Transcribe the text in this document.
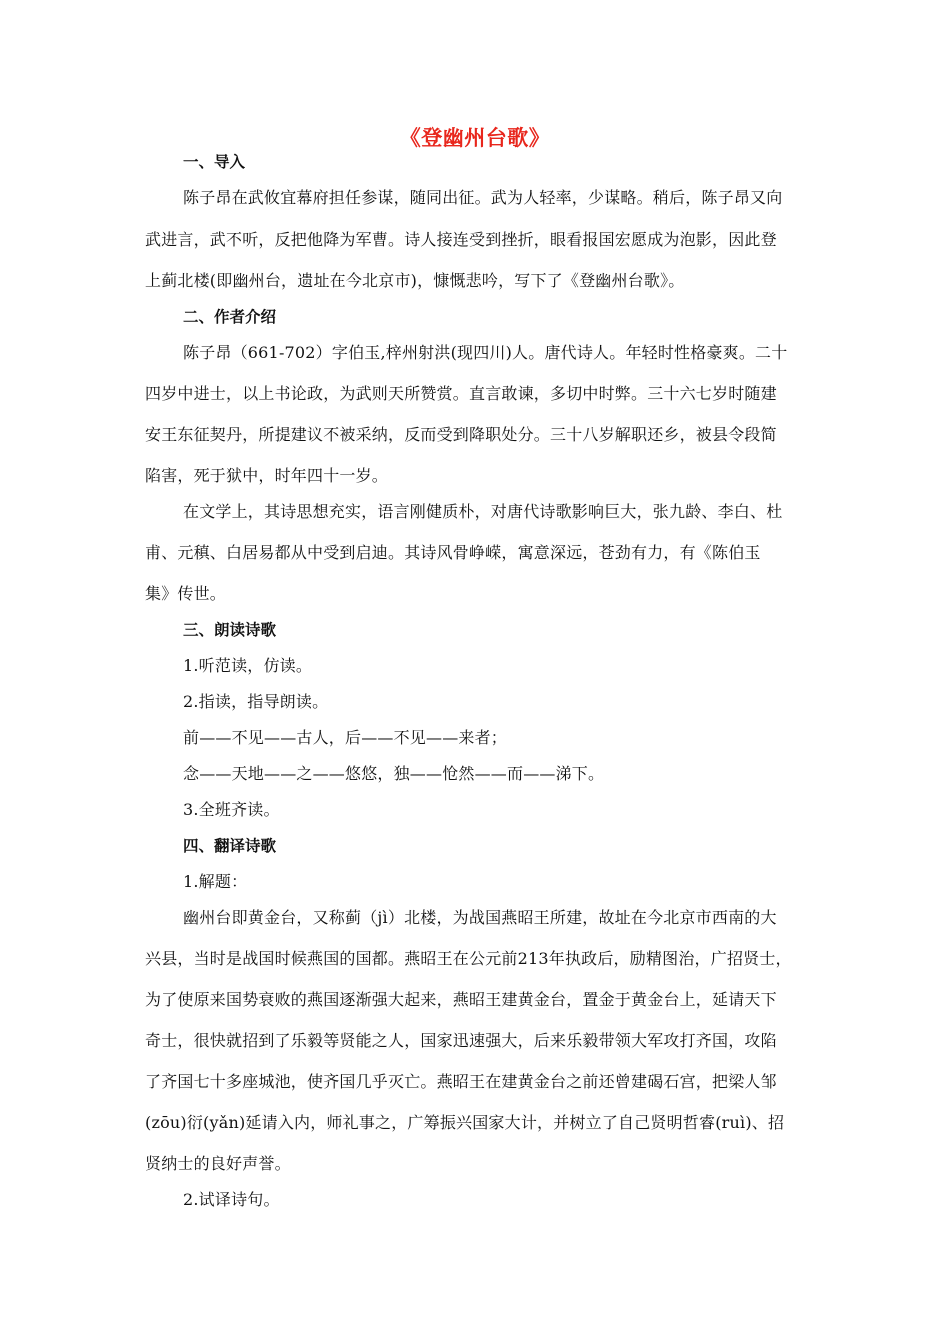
《登幽州台歌》
一、导入
陈子昂在武攸宜幕府担任参谋，随同出征。武为人轻率，少谋略。稍后，陈子昂又向
武进言，武不听，反把他降为军曹。诗人接连受到挫折，眼看报国宏愿成为泡影，因此登
上蓟北楼(即幽州台，遗址在今北京市)，慷慨悲吟，写下了《登幽州台歌》。
二、作者介绍
陈子昂（661-702）字伯玉,梓州射洪(现四川)人。唐代诗人。年轻时性格豪爽。二十
四岁中进士，以上书论政，为武则天所赞赏。直言敢谏，多切中时弊。三十六七岁时随建
安王东征契丹，所提建议不被采纳，反而受到降职处分。三十八岁解职还乡，被县令段简
陷害，死于狱中，时年四十一岁。
在文学上，其诗思想充实，语言刚健质朴，对唐代诗歌影响巨大，张九龄、李白、杜
甫、元稹、白居易都从中受到启迪。其诗风骨峥嵘，寓意深远，苍劲有力，有《陈伯玉
集》传世。
三、朗读诗歌
1.听范读，仿读。
2.指读，指导朗读。
前——不见——古人，后——不见——来者；
念——天地——之——悠悠，独——怆然——而——涕下。
3.全班齐读。
四、翻译诗歌
1.解题：
幽州台即黄金台，又称蓟（jì）北楼，为战国燕昭王所建，故址在今北京市西南的大
兴县，当时是战国时候燕国的国都。燕昭王在公元前213年执政后，励精图治，广招贤士，
为了使原来国势衰败的燕国逐渐强大起来，燕昭王建黄金台，置金于黄金台上，延请天下
奇士，很快就招到了乐毅等贤能之人，国家迅速强大，后来乐毅带领大军攻打齐国，攻陷
了齐国七十多座城池，使齐国几乎灭亡。燕昭王在建黄金台之前还曾建碣石宫，把梁人邹
(zōu)衍(yǎn)延请入内，师礼事之，广筹振兴国家大计，并树立了自己贤明哲睿(ruì)、招
贤纳士的良好声誉。
2.试译诗句。
